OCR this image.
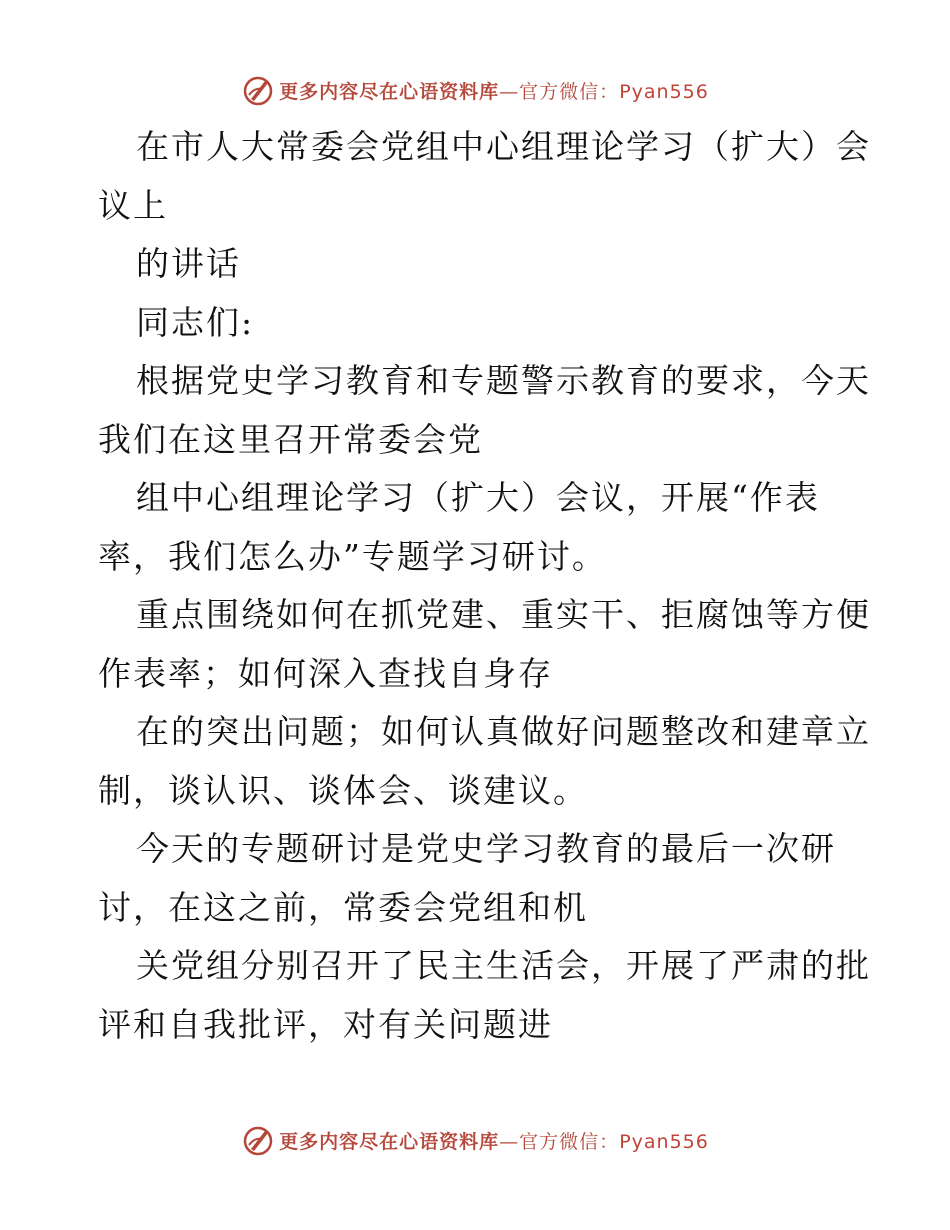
更多内容尽在心语资料库—官方微信：Pyan556
在市人大常委会党组中心组理论学习（扩大）会
议上
的讲话
同志们:
根据党史学习教育和专题警示教育的要求，今天
我们在这里召开常委会党
组中心组理论学习（扩大）会议，开展“作表
率，我们怎么办”专题学习研讨。
重点围绕如何在抓党建、重实干、拒腐蚀等方便
作表率；如何深入查找自身存
在的突出问题；如何认真做好问题整改和建章立
制，谈认识、谈体会、谈建议。
今天的专题研讨是党史学习教育的最后一次研
讨，在这之前，常委会党组和机
关党组分别召开了民主生活会，开展了严肃的批
评和自我批评，对有关问题进
更多内容尽在心语资料库—官方微信：Pyan556
